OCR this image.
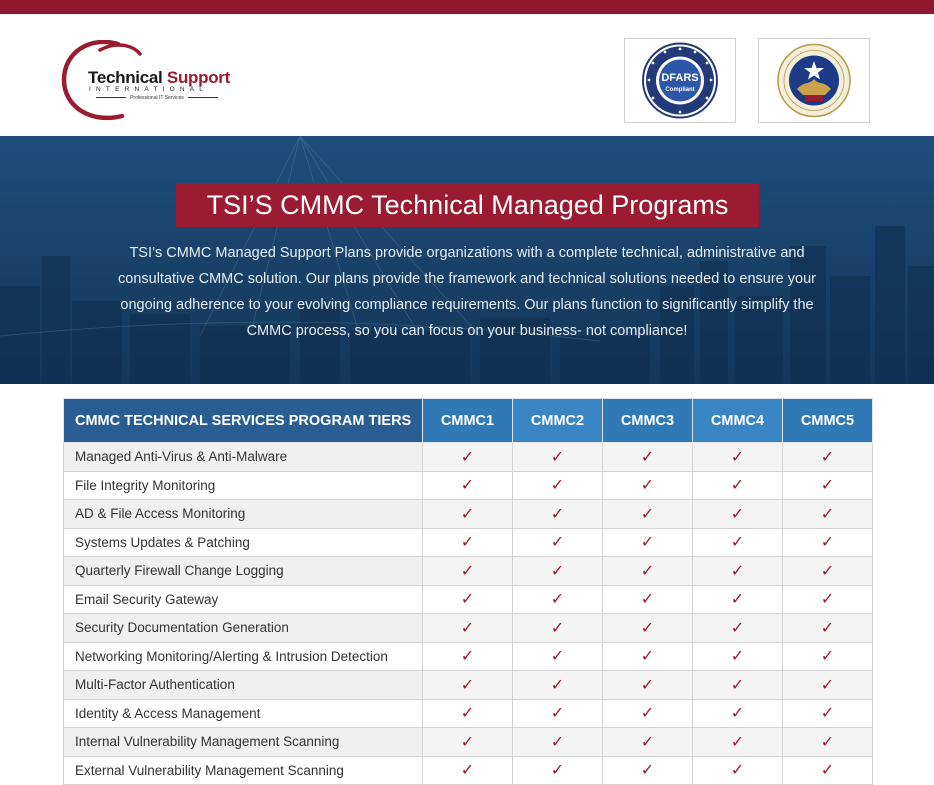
Technical Support
INTERNATIONAL
Professional IT Services
DFARS
Compliant
TSI’S CMMC Technical Managed Programs
TSI’s CMMC Managed Support Plans provide organizations with a complete technical, administrative and consultative CMMC solution. Our plans provide the framework and technical solutions needed to ensure your ongoing adherence to your evolving compliance requirements. Our plans function to significantly simplify the CMMC process, so you can focus on your business- not compliance!
CMMC TECHNICAL SERVICES PROGRAM TIERS	CMMC1	CMMC2	CMMC3	CMMC4	CMMC5
Managed Anti-Virus & Anti-Malware	✓	✓	✓	✓	✓
File Integrity Monitoring	✓	✓	✓	✓	✓
AD & File Access Monitoring	✓	✓	✓	✓	✓
Systems Updates & Patching	✓	✓	✓	✓	✓
Quarterly Firewall Change Logging	✓	✓	✓	✓	✓
Email Security Gateway	✓	✓	✓	✓	✓
Security Documentation Generation	✓	✓	✓	✓	✓
Networking Monitoring/Alerting & Intrusion Detection	✓	✓	✓	✓	✓
Multi-Factor Authentication	✓	✓	✓	✓	✓
Identity & Access Management	✓	✓	✓	✓	✓
Internal Vulnerability Management Scanning	✓	✓	✓	✓	✓
External Vulnerability Management Scanning	✓	✓	✓	✓	✓
